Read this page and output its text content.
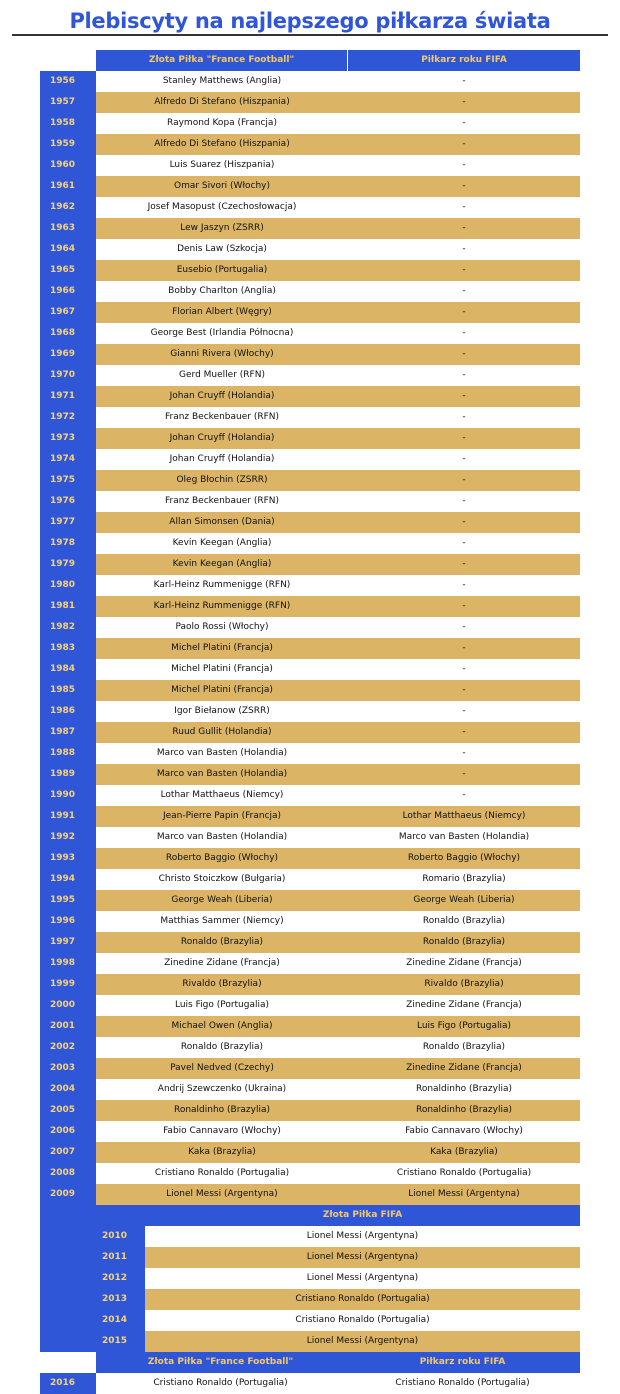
Plebiscyty na najlepszego piłkarza świata
Złota Piłka "France Football"	Piłkarz roku FIFA
1956	Stanley Matthews (Anglia)	-
1957	Alfredo Di Stefano (Hiszpania)	-
1958	Raymond Kopa (Francja)	-
1959	Alfredo Di Stefano (Hiszpania)	-
1960	Luis Suarez (Hiszpania)	-
1961	Omar Sivori (Włochy)	-
1962	Josef Masopust (Czechosłowacja)	-
1963	Lew Jaszyn (ZSRR)	-
1964	Denis Law (Szkocja)	-
1965	Eusebio (Portugalia)	-
1966	Bobby Charlton (Anglia)	-
1967	Florian Albert (Węgry)	-
1968	George Best (Irlandia Północna)	-
1969	Gianni Rivera (Włochy)	-
1970	Gerd Mueller (RFN)	-
1971	Johan Cruyff (Holandia)	-
1972	Franz Beckenbauer (RFN)	-
1973	Johan Cruyff (Holandia)	-
1974	Johan Cruyff (Holandia)	-
1975	Oleg Błochin (ZSRR)	-
1976	Franz Beckenbauer (RFN)	-
1977	Allan Simonsen (Dania)	-
1978	Kevin Keegan (Anglia)	-
1979	Kevin Keegan (Anglia)	-
1980	Karl-Heinz Rummenigge (RFN)	-
1981	Karl-Heinz Rummenigge (RFN)	-
1982	Paolo Rossi (Włochy)	-
1983	Michel Platini (Francja)	-
1984	Michel Platini (Francja)	-
1985	Michel Platini (Francja)	-
1986	Igor Biełanow (ZSRR)	-
1987	Ruud Gullit (Holandia)	-
1988	Marco van Basten (Holandia)	-
1989	Marco van Basten (Holandia)	-
1990	Lothar Matthaeus (Niemcy)	-
1991	Jean-Pierre Papin (Francja)	Lothar Matthaeus (Niemcy)
1992	Marco van Basten (Holandia)	Marco van Basten (Holandia)
1993	Roberto Baggio (Włochy)	Roberto Baggio (Włochy)
1994	Christo Stoiczkow (Bułgaria)	Romario (Brazylia)
1995	George Weah (Liberia)	George Weah (Liberia)
1996	Matthias Sammer (Niemcy)	Ronaldo (Brazylia)
1997	Ronaldo (Brazylia)	Ronaldo (Brazylia)
1998	Zinedine Zidane (Francja)	Zinedine Zidane (Francja)
1999	Rivaldo (Brazylia)	Rivaldo (Brazylia)
2000	Luis Figo (Portugalia)	Zinedine Zidane (Francja)
2001	Michael Owen (Anglia)	Luis Figo (Portugalia)
2002	Ronaldo (Brazylia)	Ronaldo (Brazylia)
2003	Pavel Nedved (Czechy)	Zinedine Zidane (Francja)
2004	Andrij Szewczenko (Ukraina)	Ronaldinho (Brazylia)
2005	Ronaldinho (Brazylia)	Ronaldinho (Brazylia)
2006	Fabio Cannavaro (Włochy)	Fabio Cannavaro (Włochy)
2007	Kaka (Brazylia)	Kaka (Brazylia)
2008	Cristiano Ronaldo (Portugalia)	Cristiano Ronaldo (Portugalia)
2009	Lionel Messi (Argentyna)	Lionel Messi (Argentyna)
Złota Piłka FIFA
2010	Lionel Messi (Argentyna)
2011	Lionel Messi (Argentyna)
2012	Lionel Messi (Argentyna)
2013	Cristiano Ronaldo (Portugalia)
2014	Cristiano Ronaldo (Portugalia)
2015	Lionel Messi (Argentyna)
Złota Piłka "France Football"	Piłkarz roku FIFA
2016	Cristiano Ronaldo (Portugalia)	Cristiano Ronaldo (Portugalia)
